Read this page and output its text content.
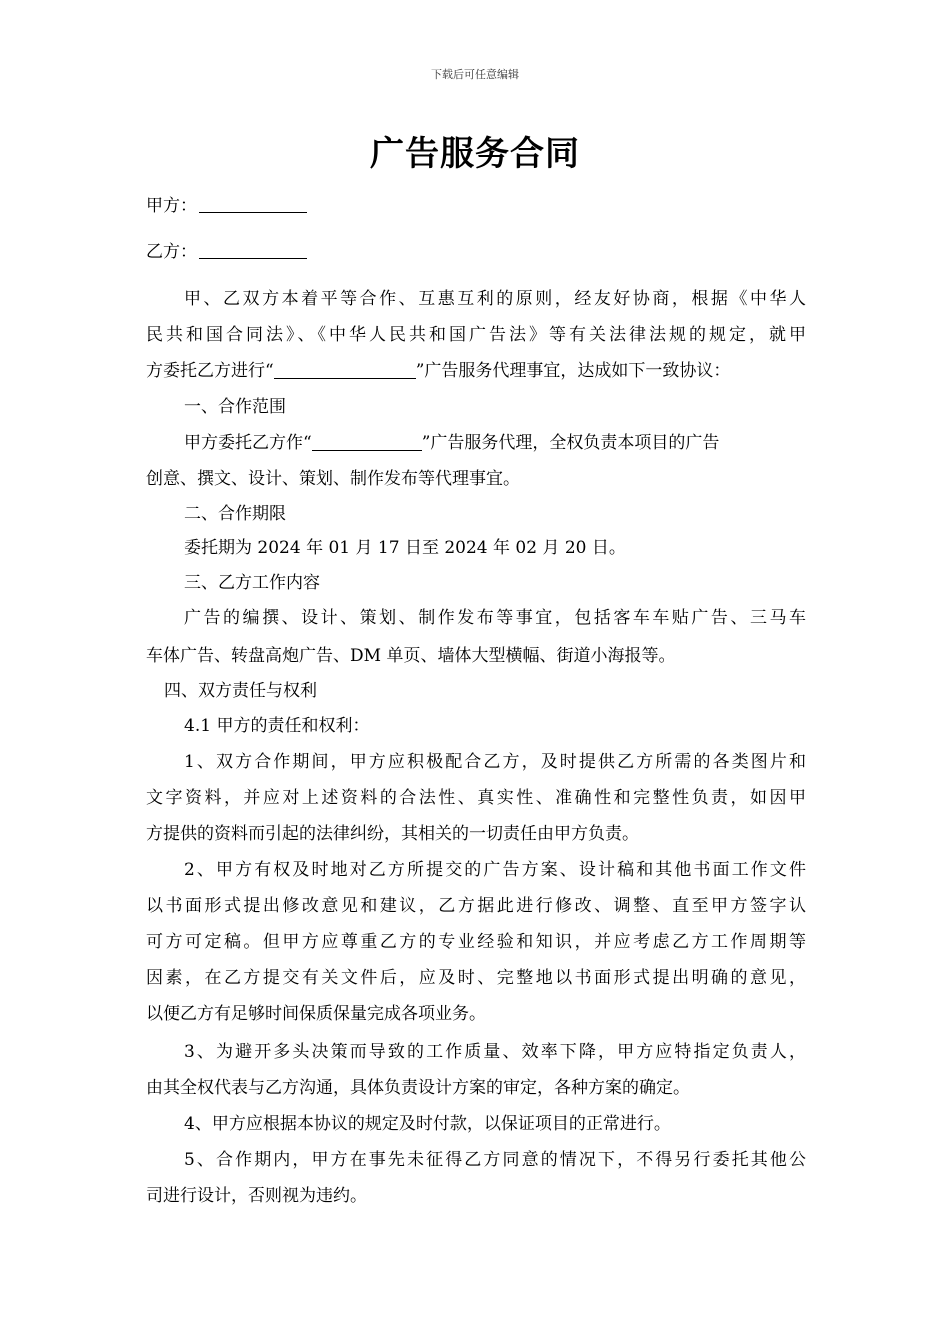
下载后可任意编辑
广告服务合同
甲方：
乙方：
甲、乙双方本着平等合作、互惠互利的原则，经友好协商，根据《中华人
民共和国合同法》、《中华人民共和国广告法》等有关法律法规的规定，就甲
方委托乙方进行“	”广告服务代理事宜，达成如下一致协议：
一、合作范围
甲方委托乙方作“	”广告服务代理，全权负责本项目的广告
创意、撰文、设计、策划、制作发布等代理事宜。
二、合作期限
委托期为 2024 年 01 月 17 日至 2024 年 02 月 20 日。
三、乙方工作内容
广告的编撰、设计、策划、制作发布等事宜，包括客车车贴广告、三马车
车体广告、转盘高炮广告、DM 单页、墙体大型横幅、街道小海报等。
四、双方责任与权利
4.1 甲方的责任和权利：
1、双方合作期间，甲方应积极配合乙方，及时提供乙方所需的各类图片和
文字资料，并应对上述资料的合法性、真实性、准确性和完整性负责，如因甲
方提供的资料而引起的法律纠纷，其相关的一切责任由甲方负责。
2、甲方有权及时地对乙方所提交的广告方案、设计稿和其他书面工作文件
以书面形式提出修改意见和建议，乙方据此进行修改、调整、直至甲方签字认
可方可定稿。但甲方应尊重乙方的专业经验和知识，并应考虑乙方工作周期等
因素，在乙方提交有关文件后，应及时、完整地以书面形式提出明确的意见，
以便乙方有足够时间保质保量完成各项业务。
3、为避开多头决策而导致的工作质量、效率下降，甲方应特指定负责人，
由其全权代表与乙方沟通，具体负责设计方案的审定，各种方案的确定。
4、甲方应根据本协议的规定及时付款，以保证项目的正常进行。
5、合作期内，甲方在事先未征得乙方同意的情况下，不得另行委托其他公
司进行设计，否则视为违约。
